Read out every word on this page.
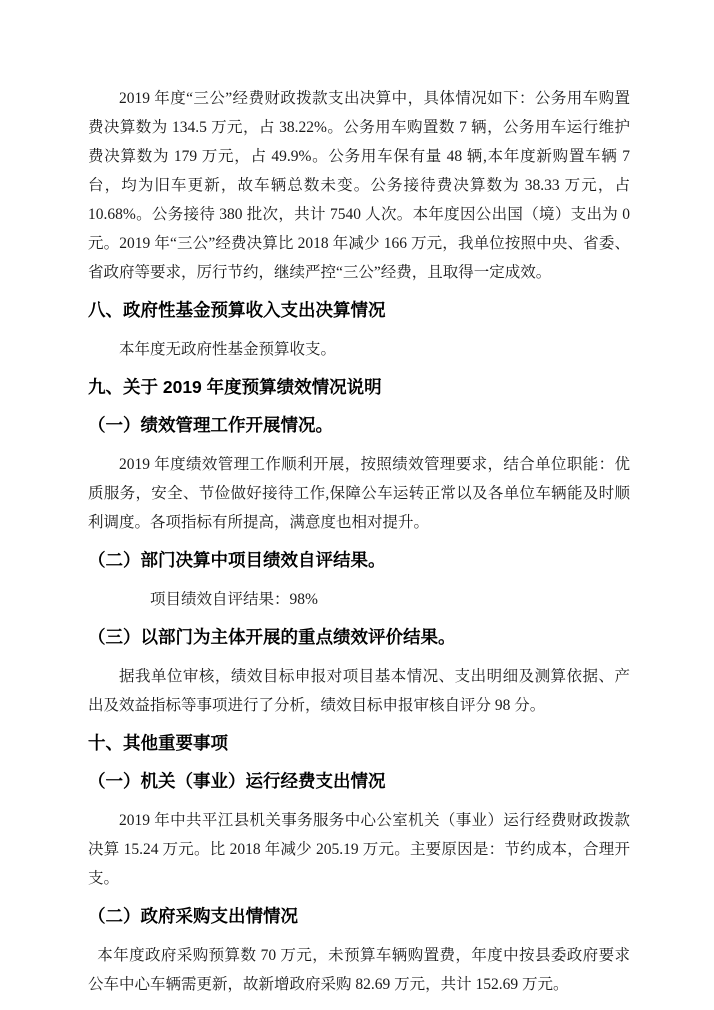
2019 年度“三公”经费财政拨款支出决算中，具体情况如下：公务用车购置费决算数为 134.5 万元，占 38.22%。公务用车购置数 7 辆，公务用车运行维护费决算数为 179 万元，占 49.9%。公务用车保有量 48 辆,本年度新购置车辆 7 台，均为旧车更新，故车辆总数未变。公务接待费决算数为 38.33 万元，占 10.68%。公务接待 380 批次，共计 7540 人次。本年度因公出国（境）支出为 0 元。2019 年“三公”经费决算比 2018 年减少 166 万元，我单位按照中央、省委、省政府等要求，厉行节约，继续严控“三公”经费，且取得一定成效。

八、政府性基金预算收入支出决算情况

本年度无政府性基金预算收支。

九、关于 2019 年度预算绩效情况说明
（一）绩效管理工作开展情况。

2019 年度绩效管理工作顺利开展，按照绩效管理要求，结合单位职能：优质服务，安全、节俭做好接待工作,保障公车运转正常以及各单位车辆能及时顺利调度。各项指标有所提高，满意度也相对提升。

（二）部门决算中项目绩效自评结果。

项目绩效自评结果：98%

（三）以部门为主体开展的重点绩效评价结果。

据我单位审核，绩效目标申报对项目基本情况、支出明细及测算依据、产出及效益指标等事项进行了分析，绩效目标申报审核自评分 98 分。

十、其他重要事项
（一）机关（事业）运行经费支出情况

2019 年中共平江县机关事务服务中心公室机关（事业）运行经费财政拨款决算 15.24 万元。比 2018 年减少 205.19 万元。主要原因是：节约成本，合理开支。

（二）政府采购支出情情况

本年度政府采购预算数 70 万元，未预算车辆购置费，年度中按县委政府要求公车中心车辆需更新，故新增政府采购 82.69 万元，共计 152.69 万元。
